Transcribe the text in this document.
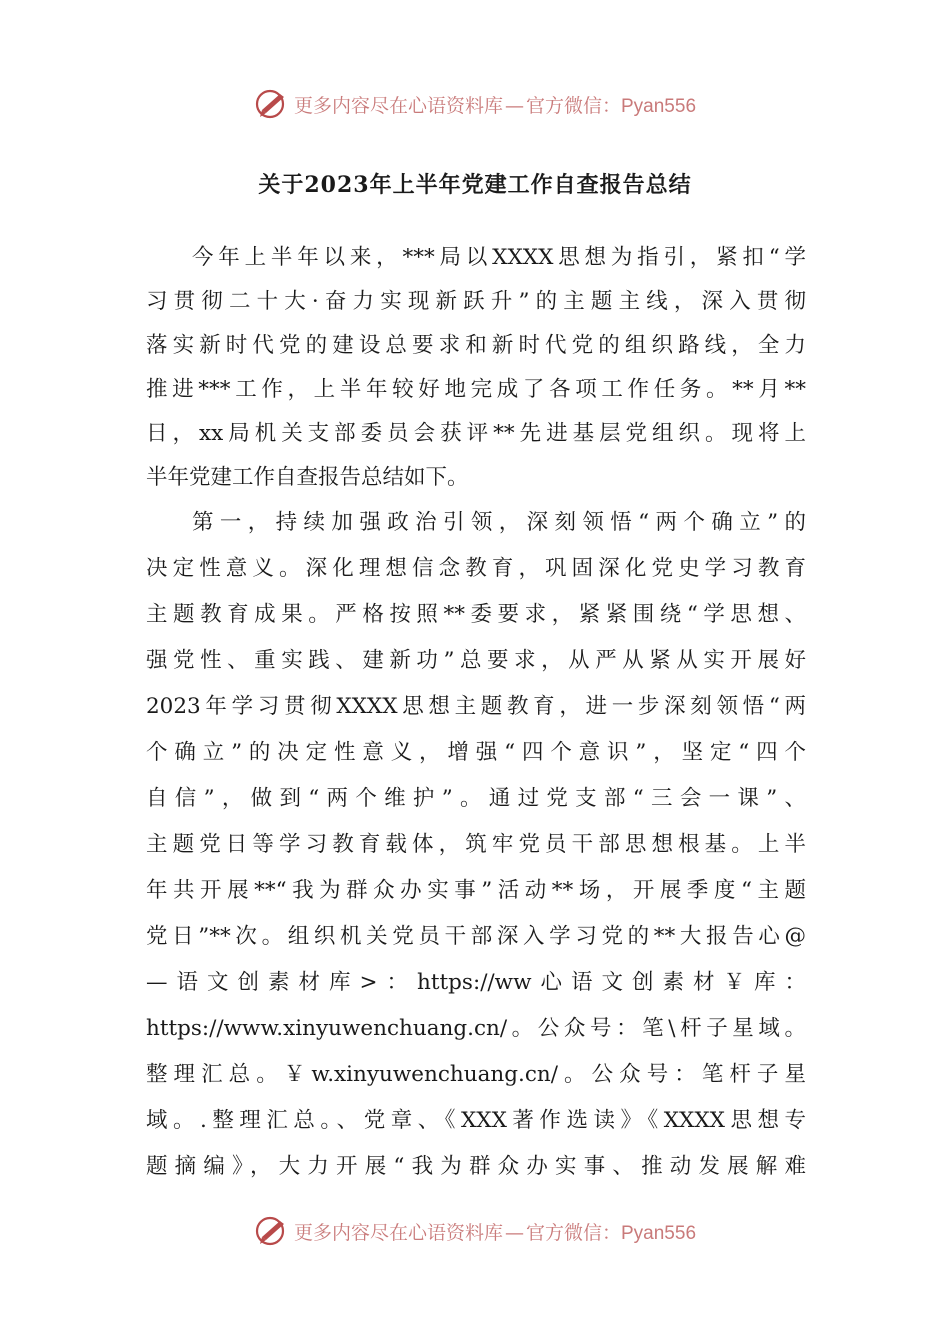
更多内容尽在心语资料库 — 官方微信：Pyan556
关于2023年上半年党建工作自查报告总结
今年上半年以来，***局以XXXX思想为指引，紧扣“学
习贯彻二十大·奋力实现新跃升”的主题主线，深入贯彻
落实新时代党的建设总要求和新时代党的组织路线，全力
推进***工作，上半年较好地完成了各项工作任务。**月**
日，xx局机关支部委员会获评**先进基层党组织。现将上
半年党建工作自查报告总结如下。
第一，持续加强政治引领，深刻领悟“两个确立”的
决定性意义。深化理想信念教育，巩固深化党史学习教育
主题教育成果。严格按照**委要求，紧紧围绕“学思想、
强党性、重实践、建新功”总要求，从严从紧从实开展好
2023年学习贯彻XXXX思想主题教育，进一步深刻领悟“两
个确立”的决定性意义，增强“四个意识”，坚定“四个
自信”，做到“两个维护”。通过党支部“三会一课”、
主题党日等学习教育载体，筑牢党员干部思想根基。上半
年共开展**“我为群众办实事”活动**场，开展季度“主题
党日”**次。组织机关党员干部深入学习党的**大报告心@
—语文创素材库>：https://ww心语文创素材￥库：
https://www.xinyuwenchuang.cn/。公众号：笔\杆子星域。
整理汇总。￥w.xinyuwenchuang.cn/。公众号：笔杆子星
域。.整理汇总。、党章、《XXX著作选读》《XXXX思想专
题摘编》，大力开展“我为群众办实事、推动发展解难
更多内容尽在心语资料库 — 官方微信：Pyan556
